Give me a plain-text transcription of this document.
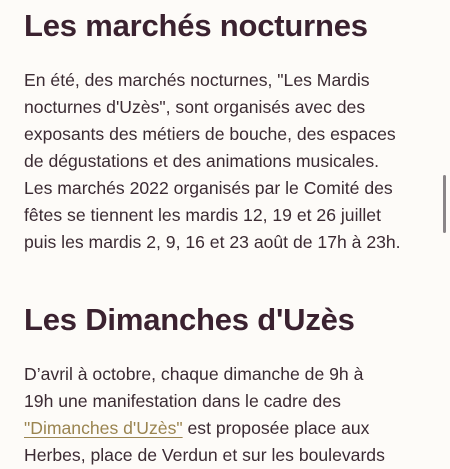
Les marchés nocturnes
En été, des marchés nocturnes, "Les Mardis
nocturnes d'Uzès", sont organisés avec des
exposants des métiers de bouche, des espaces
de dégustations et des animations musicales.
Les marchés 2022 organisés par le Comité des
fêtes se tiennent les mardis 12, 19 et 26 juillet
puis les mardis 2, 9, 16 et 23 août de 17h à 23h.
Les Dimanches d'Uzès
D’avril à octobre, chaque dimanche de 9h à
19h une manifestation dans le cadre des
"Dimanches d'Uzès" est proposée place aux
Herbes, place de Verdun et sur les boulevards
